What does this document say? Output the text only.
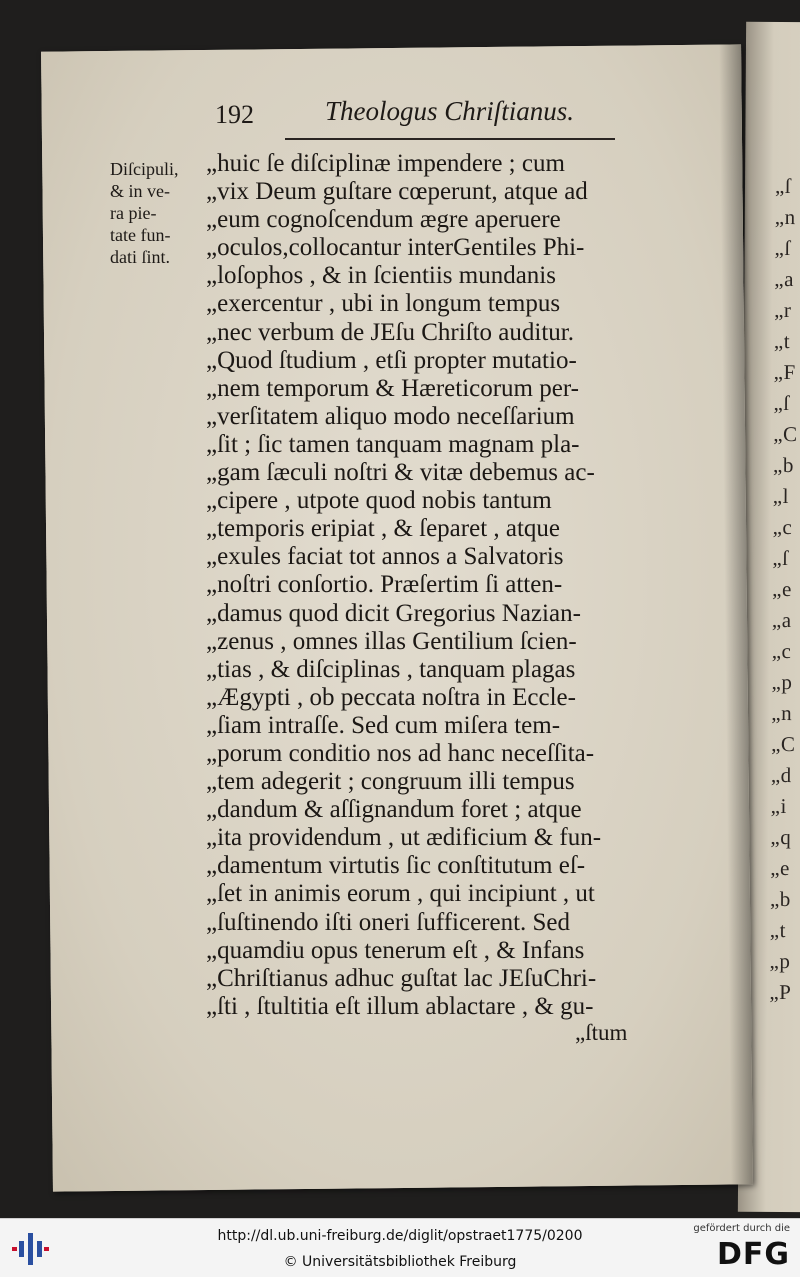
„ſ
„n
„ſ
„a
„r
„t
„F
„ſ
„C
„b
„l
„c
„ſ
„e
„a
„c
„p
„n
„C
„d
„i
„q
„e
„b
„t
„p
„P
192	Theologus Chriſtianus.
Diſcipuli,
& in ve-
ra pie-
tate fun-
dati ſint.
„huic ſe diſciplinæ impendere ; cum
„vix Deum guſtare cœperunt, atque ad
„eum cognoſcendum ægre aperuere
„oculos,collocantur interGentiles Phi-
„loſophos , & in ſcientiis mundanis
„exercentur , ubi in longum tempus
„nec verbum de JEſu Chriſto auditur.
„Quod ſtudium , etſi propter mutatio-
„nem temporum & Hæreticorum per-
„verſitatem aliquo modo neceſſarium
„ſit ; ſic tamen tanquam magnam pla-
„gam ſæculi noſtri & vitæ debemus ac-
„cipere , utpote quod nobis tantum
„temporis eripiat , & ſeparet , atque
„exules faciat tot annos a Salvatoris
„noſtri conſortio. Præſertim ſi atten-
„damus quod dicit Gregorius Nazian-
„zenus , omnes illas Gentilium ſcien-
„tias , & diſciplinas , tanquam plagas
„Ægypti , ob peccata noſtra in Eccle-
„ſiam intraſſe. Sed cum miſera tem-
„porum conditio nos ad hanc neceſſita-
„tem adegerit ; congruum illi tempus
„dandum & aſſignandum foret ; atque
„ita providendum , ut ædificium & fun-
„damentum virtutis ſic conſtitutum eſ-
„ſet in animis eorum , qui incipiunt , ut
„ſuſtinendo iſti oneri ſufficerent. Sed
„quamdiu opus tenerum eſt , & Infans
„Chriſtianus adhuc guſtat lac JEſuChri-
„ſti , ſtultitia eſt illum ablactare , & gu-
„ſtum
http://dl.ub.uni-freiburg.de/diglit/opstraet1775/0200
© Universitätsbibliothek Freiburg
gefördert durch die
DFG
